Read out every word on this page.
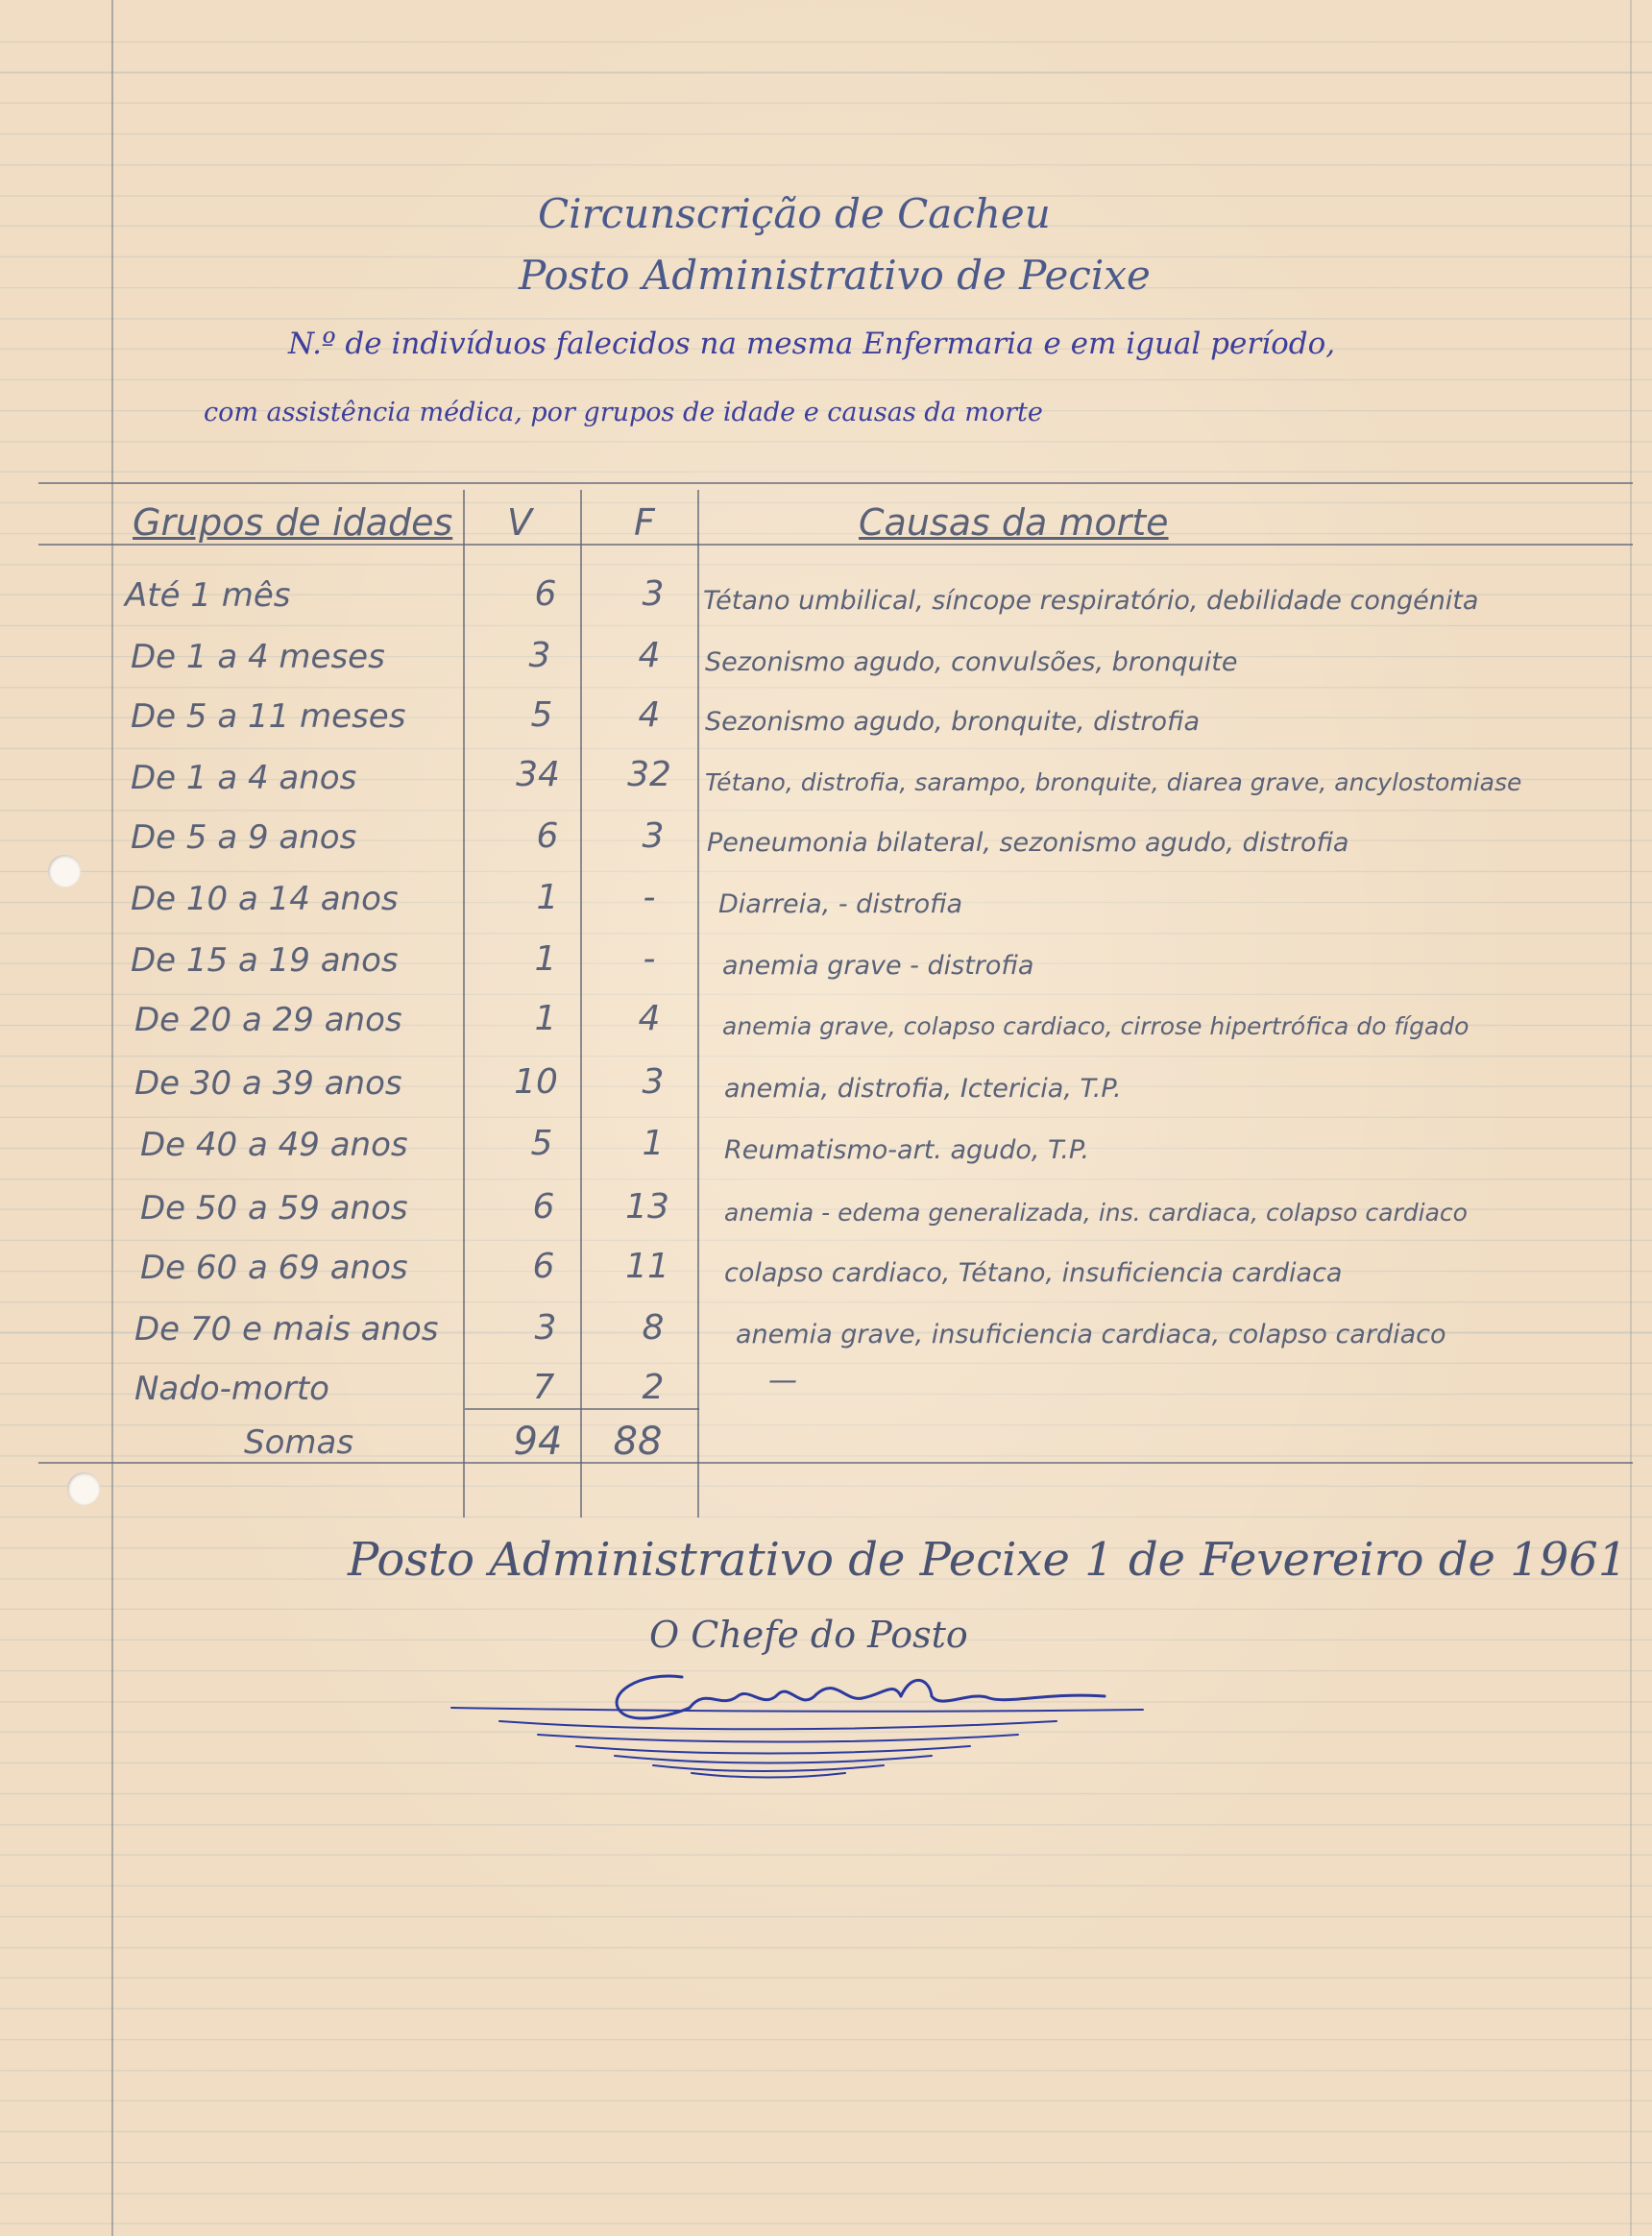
Circunscrição de Cacheu
Posto Administrativo de Pecixe
N.º de indivíduos falecidos na mesma Enfermaria e em igual período,
com assistência médica, por grupos de idade e causas da morte
Grupos de idades V	F	Causas da morte
Até 1 mês	6	3	Tétano umbilical, síncope respiratório, debilidade congénita
De 1 a 4 meses	3	4	Sezonismo agudo, convulsões, bronquite
De 5 a 11 meses	5	4	Sezonismo agudo, bronquite, distrofia
De 1 a 4 anos	34	32	Tétano, distrofia, sarampo, bronquite, diarea grave, ancylostomiase
De 5 a 9 anos	6	3	Peneumonia bilateral, sezonismo agudo, distrofia
De 10 a 14 anos	1	-	Diarreia, - distrofia
De 15 a 19 anos	1	-	anemia grave - distrofia
De 20 a 29 anos	1	4	anemia grave, colapso cardiaco, cirrose hipertrófica do fígado
De 30 a 39 anos	10	3	anemia, distrofia, Ictericia, T.P.
De 40 a 49 anos	5	1	Reumatismo-art. agudo, T.P.
De 50 a 59 anos	6	13	anemia - edema generalizada, ins. cardiaca, colapso cardiaco
De 60 a 69 anos	6	11	colapso cardiaco, Tétano, insuficiencia cardiaca
De 70 e mais anos	3	8	anemia grave, insuficiencia cardiaca, colapso cardiaco
Nado-morto	7	2	—
Somas	94	88
Posto Administrativo de Pecixe 1 de Fevereiro de 1961
O Chefe do Posto
